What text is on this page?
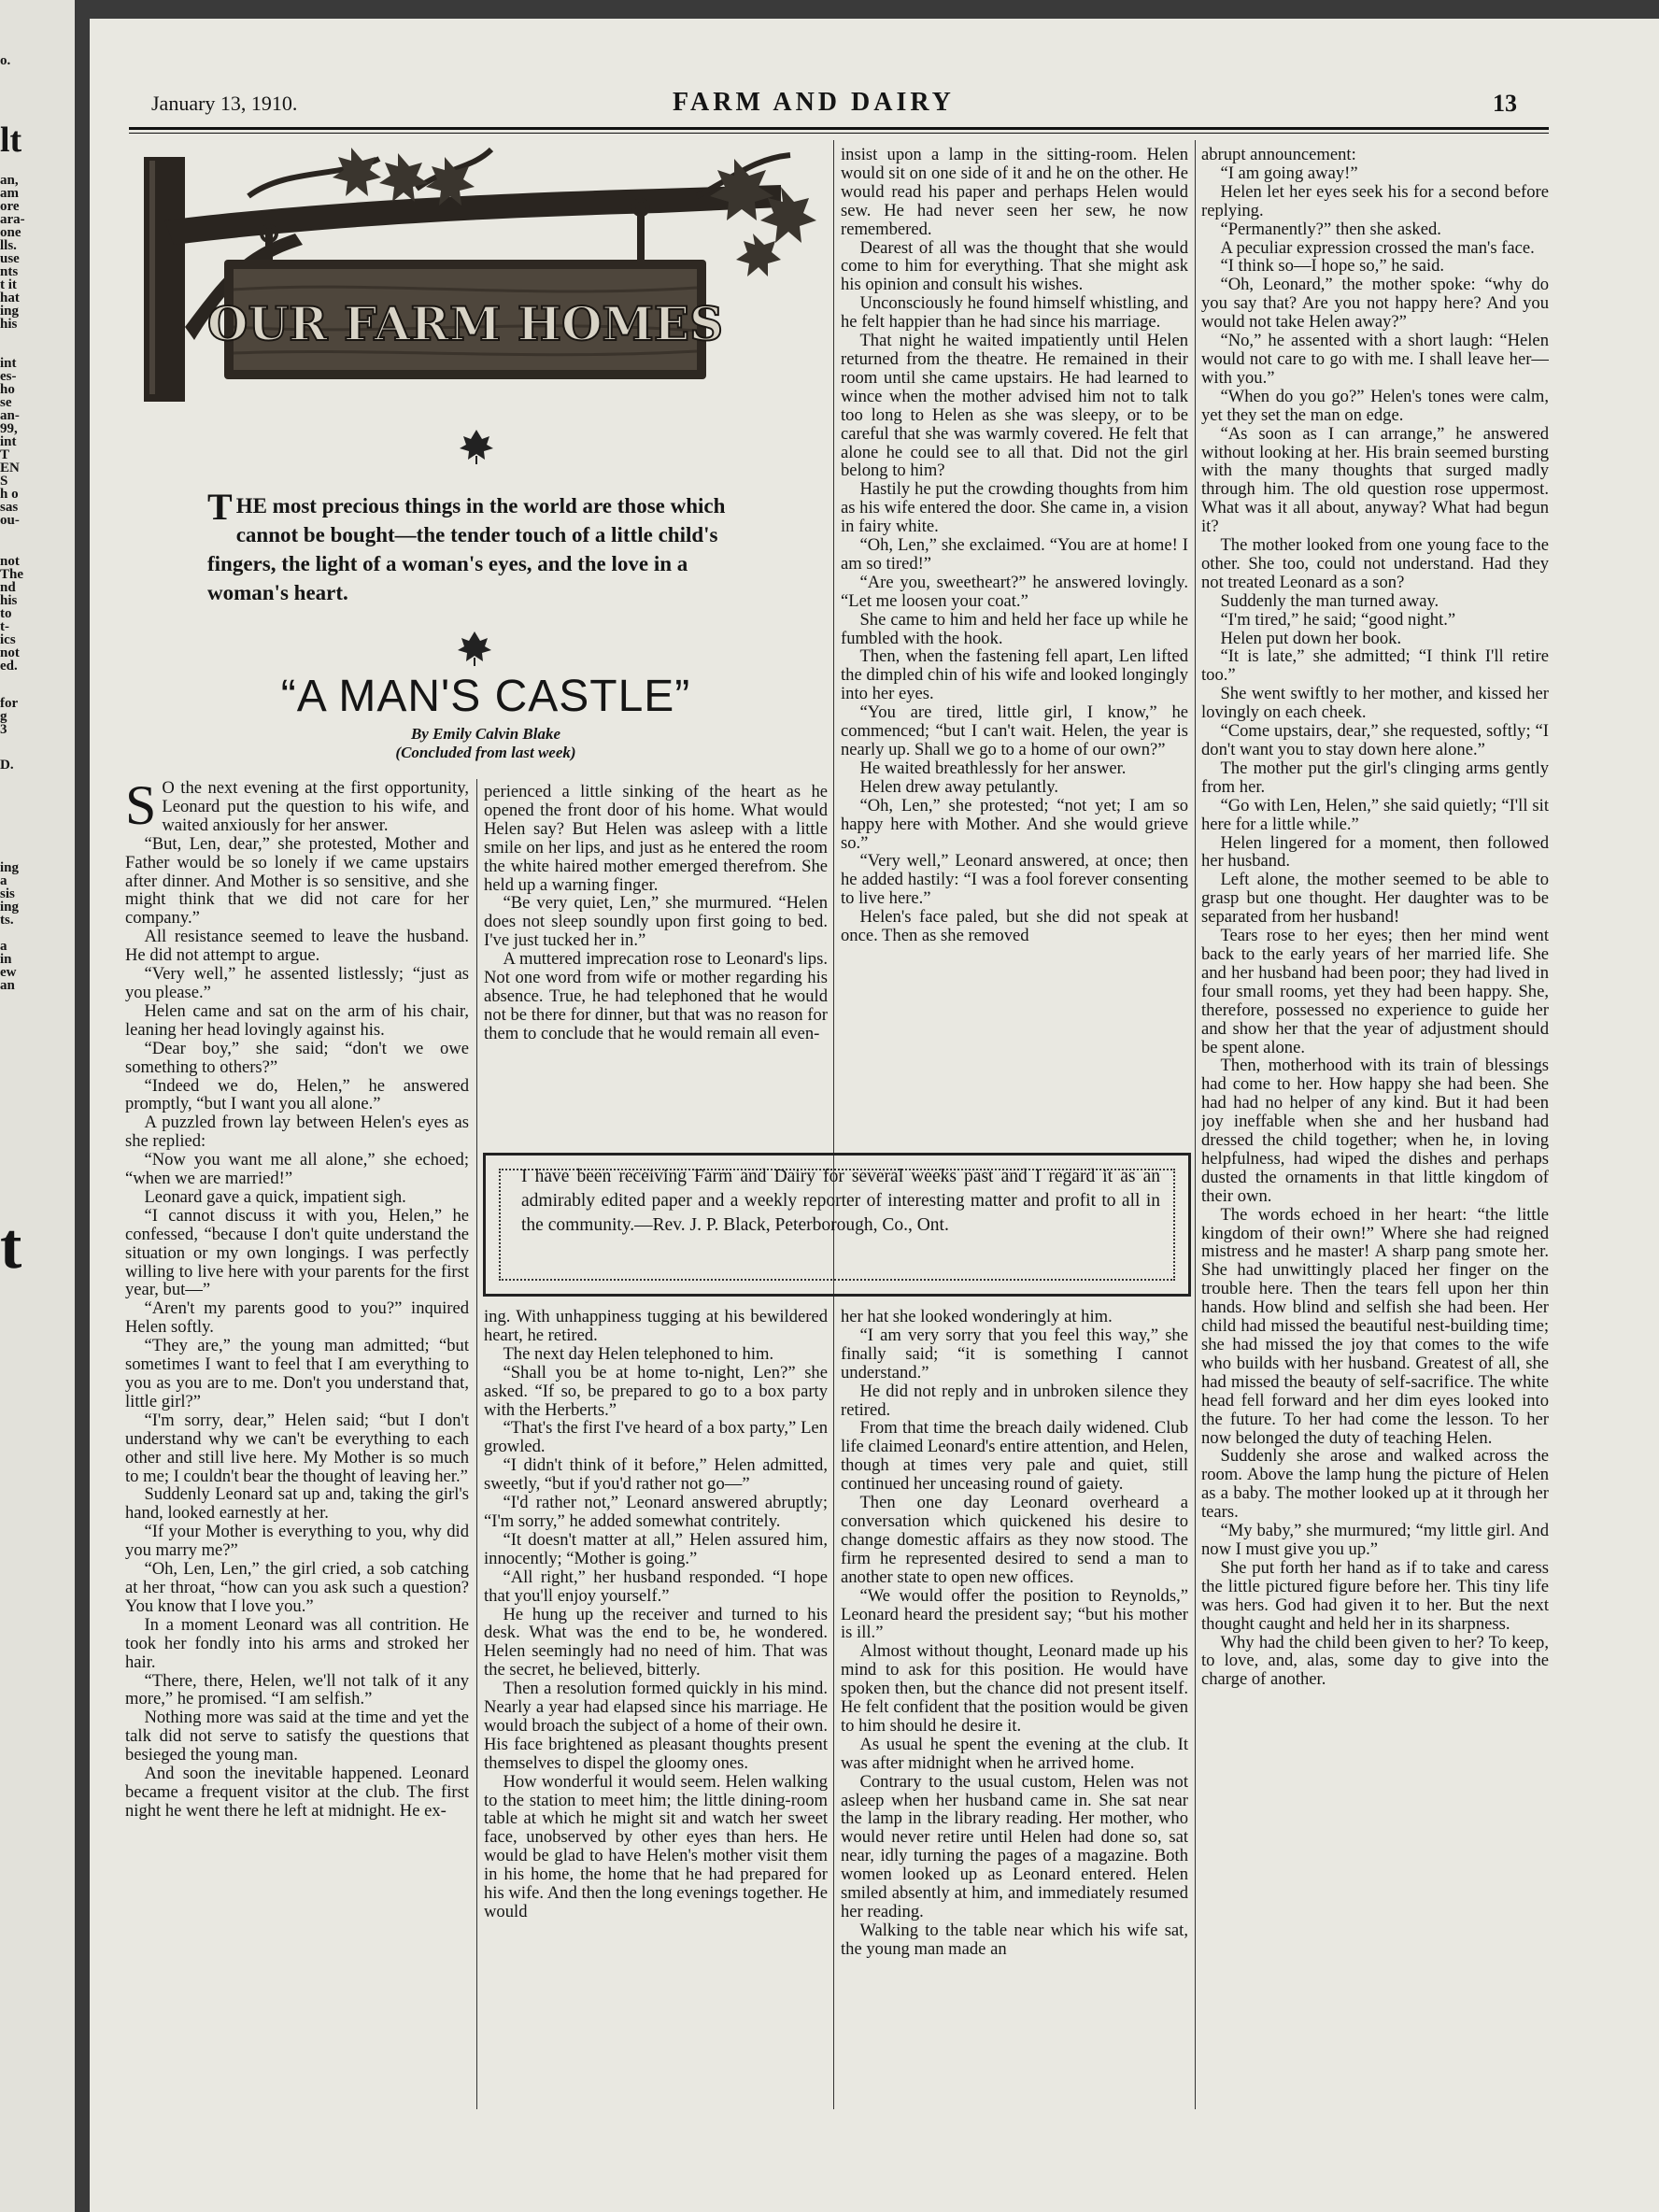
o.
lt
an,
am
ore
ara-
one
lls.
use
nts
t it
hat
ing
his
int
es-
ho
se
an-
99,
int
T
EN
S
h o
sas
ou-
not
The
nd
his
to
t-
ics
not
ed.
for
g
3
D.
ing
a
sis
ing
ts.
a
in
ew
an
t
January 13, 1910.	FARM AND DAIRY	13
OUR FARM HOMES
THE most precious things in the world are those which cannot be bought—the tender touch of a little child's fingers, the light of a woman's eyes, and the love in a woman's heart.
“A MAN'S CASTLE”
By Emily Calvin Blake
(Concluded from last week)

S O the next evening at the first opportunity, Leonard put the question to his wife, and waited anxiously for her answer.

“But, Len, dear,” she protested, Mother and Father would be so lonely if we came upstairs after dinner. And Mother is so sensitive, and she might think that we did not care for her company.”

All resistance seemed to leave the husband. He did not attempt to argue.

“Very well,” he assented listlessly; “just as you please.”

Helen came and sat on the arm of his chair, leaning her head lovingly against his.

“Dear boy,” she said; “don't we owe something to others?”

“Indeed we do, Helen,” he answered promptly, “but I want you all alone.”

A puzzled frown lay between Helen's eyes as she replied:

“Now you want me all alone,” she echoed; “when we are married!”

Leonard gave a quick, impatient sigh.

“I cannot discuss it with you, Helen,” he confessed, “because I don't quite understand the situation or my own longings. I was perfectly willing to live here with your parents for the first year, but—”

“Aren't my parents good to you?” inquired Helen softly.

“They are,” the young man admitted; “but sometimes I want to feel that I am everything to you as you are to me. Don't you understand that, little girl?”

“I'm sorry, dear,” Helen said; “but I don't understand why we can't be everything to each other and still live here. My Mother is so much to me; I couldn't bear the thought of leaving her.”

Suddenly Leonard sat up and, taking the girl's hand, looked earnestly at her.

“If your Mother is everything to you, why did you marry me?”

“Oh, Len, Len,” the girl cried, a sob catching at her throat, “how can you ask such a question? You know that I love you.”

In a moment Leonard was all contrition. He took her fondly into his arms and stroked her hair.

“There, there, Helen, we'll not talk of it any more,” he promised. “I am selfish.”

Nothing more was said at the time and yet the talk did not serve to satisfy the questions that besieged the young man.

And soon the inevitable happened. Leonard became a frequent visitor at the club. The first night he went there he left at midnight. He ex-

perienced a little sinking of the heart as he opened the front door of his home. What would Helen say? But Helen was asleep with a little smile on her lips, and just as he entered the room the white haired mother emerged therefrom. She held up a warning finger.

“Be very quiet, Len,” she murmured. “Helen does not sleep soundly upon first going to bed. I've just tucked her in.”

A muttered imprecation rose to Leonard's lips. Not one word from wife or mother regarding his absence. True, he had telephoned that he would not be there for dinner, but that was no reason for them to conclude that he would remain all even-

ing. With unhappiness tugging at his bewildered heart, he retired.

The next day Helen telephoned to him.

“Shall you be at home to-night, Len?” she asked. “If so, be prepared to go to a box party with the Herberts.”

“That's the first I've heard of a box party,” Len growled.

“I didn't think of it before,” Helen admitted, sweetly, “but if you'd rather not go—”

“I'd rather not,” Leonard answered abruptly; “I'm sorry,” he added somewhat contritely.

“It doesn't matter at all,” Helen assured him, innocently; “Mother is going.”

“All right,” her husband responded. “I hope that you'll enjoy yourself.”

He hung up the receiver and turned to his desk. What was the end to be, he wondered. Helen seemingly had no need of him. That was the secret, he believed, bitterly.

Then a resolution formed quickly in his mind. Nearly a year had elapsed since his marriage. He would broach the subject of a home of their own. His face brightened as pleasant thoughts present themselves to dispel the gloomy ones.

How wonderful it would seem. Helen walking to the station to meet him; the little dining-room table at which he might sit and watch her sweet face, unobserved by other eyes than hers. He would be glad to have Helen's mother visit them in his home, the home that he had prepared for his wife. And then the long evenings together. He would

insist upon a lamp in the sitting-room. Helen would sit on one side of it and he on the other. He would read his paper and perhaps Helen would sew. He had never seen her sew, he now remembered.

Dearest of all was the thought that she would come to him for everything. That she might ask his opinion and consult his wishes.

Unconsciously he found himself whistling, and he felt happier than he had since his marriage.

That night he waited impatiently until Helen returned from the theatre. He remained in their room until she came upstairs. He had learned to wince when the mother advised him not to talk too long to Helen as she was sleepy, or to be careful that she was warmly covered. He felt that alone he could see to all that. Did not the girl belong to him?

Hastily he put the crowding thoughts from him as his wife entered the door. She came in, a vision in fairy white.

“Oh, Len,” she exclaimed. “You are at home! I am so tired!”

“Are you, sweetheart?” he answered lovingly. “Let me loosen your coat.”

She came to him and held her face up while he fumbled with the hook.

Then, when the fastening fell apart, Len lifted the dimpled chin of his wife and looked longingly into her eyes.

“You are tired, little girl, I know,” he commenced; “but I can't wait. Helen, the year is nearly up. Shall we go to a home of our own?”

He waited breathlessly for her answer.

Helen drew away petulantly.

“Oh, Len,” she protested; “not yet; I am so happy here with Mother. And she would grieve so.”

“Very well,” Leonard answered, at once; then he added hastily: “I was a fool forever consenting to live here.”

Helen's face paled, but she did not speak at once. Then as she removed

her hat she looked wonderingly at him.

“I am very sorry that you feel this way,” she finally said; “it is something I cannot understand.”

He did not reply and in unbroken silence they retired.

From that time the breach daily widened. Club life claimed Leonard's entire attention, and Helen, though at times very pale and quiet, still continued her unceasing round of gaiety.

Then one day Leonard overheard a conversation which quickened his desire to change domestic affairs as they now stood. The firm he represented desired to send a man to another state to open new offices.

“We would offer the position to Reynolds,” Leonard heard the president say; “but his mother is ill.”

Almost without thought, Leonard made up his mind to ask for this position. He would have spoken then, but the chance did not present itself. He felt confident that the position would be given to him should he desire it.

As usual he spent the evening at the club. It was after midnight when he arrived home.

Contrary to the usual custom, Helen was not asleep when her husband came in. She sat near the lamp in the library reading. Her mother, who would never retire until Helen had done so, sat near, idly turning the pages of a magazine. Both women looked up as Leonard entered. Helen smiled absently at him, and immediately resumed her reading.

Walking to the table near which his wife sat, the young man made an

abrupt announcement:

“I am going away!”

Helen let her eyes seek his for a second before replying.

“Permanently?” then she asked.

A peculiar expression crossed the man's face.

“I think so—I hope so,” he said.

“Oh, Leonard,” the mother spoke: “why do you say that? Are you not happy here? And you would not take Helen away?”

“No,” he assented with a short laugh: “Helen would not care to go with me. I shall leave her—with you.”

“When do you go?” Helen's tones were calm, yet they set the man on edge.

“As soon as I can arrange,” he answered without looking at her. His brain seemed bursting with the many thoughts that surged madly through him. The old question rose uppermost. What was it all about, anyway? What had begun it?

The mother looked from one young face to the other. She too, could not understand. Had they not treated Leonard as a son?

Suddenly the man turned away.

“I'm tired,” he said; “good night.”

Helen put down her book.

“It is late,” she admitted; “I think I'll retire too.”

She went swiftly to her mother, and kissed her lovingly on each cheek.

“Come upstairs, dear,” she requested, softly; “I don't want you to stay down here alone.”

The mother put the girl's clinging arms gently from her.

“Go with Len, Helen,” she said quietly; “I'll sit here for a little while.”

Helen lingered for a moment, then followed her husband.

Left alone, the mother seemed to be able to grasp but one thought. Her daughter was to be separated from her husband!

Tears rose to her eyes; then her mind went back to the early years of her married life. She and her husband had been poor; they had lived in four small rooms, yet they had been happy. She, therefore, possessed no experience to guide her and show her that the year of adjustment should be spent alone.

Then, motherhood with its train of blessings had come to her. How happy she had been. She had had no helper of any kind. But it had been joy ineffable when she and her husband had dressed the child together; when he, in loving helpfulness, had wiped the dishes and perhaps dusted the ornaments in that little kingdom of their own.

The words echoed in her heart: “the little kingdom of their own!” Where she had reigned mistress and he master! A sharp pang smote her. She had unwittingly placed her finger on the trouble here. Then the tears fell upon her thin hands. How blind and selfish she had been. Her child had missed the beautiful nest-building time; she had missed the joy that comes to the wife who builds with her husband. Greatest of all, she had missed the beauty of self-sacrifice. The white head fell forward and her dim eyes looked into the future. To her had come the lesson. To her now belonged the duty of teaching Helen.

Suddenly she arose and walked across the room. Above the lamp hung the picture of Helen as a baby. The mother looked up at it through her tears.

“My baby,” she murmured; “my little girl. And now I must give you up.”

She put forth her hand as if to take and caress the little pictured figure before her. This tiny life was hers. God had given it to her. But the next thought caught and held her in its sharpness.

Why had the child been given to her? To keep, to love, and, alas, some day to give into the charge of another.

I have been receiving Farm and Dairy for several weeks past and I regard it as an admirably edited paper and a weekly reporter of interesting matter and profit to all in the community.—Rev. J. P. Black, Peterborough, Co., Ont.
